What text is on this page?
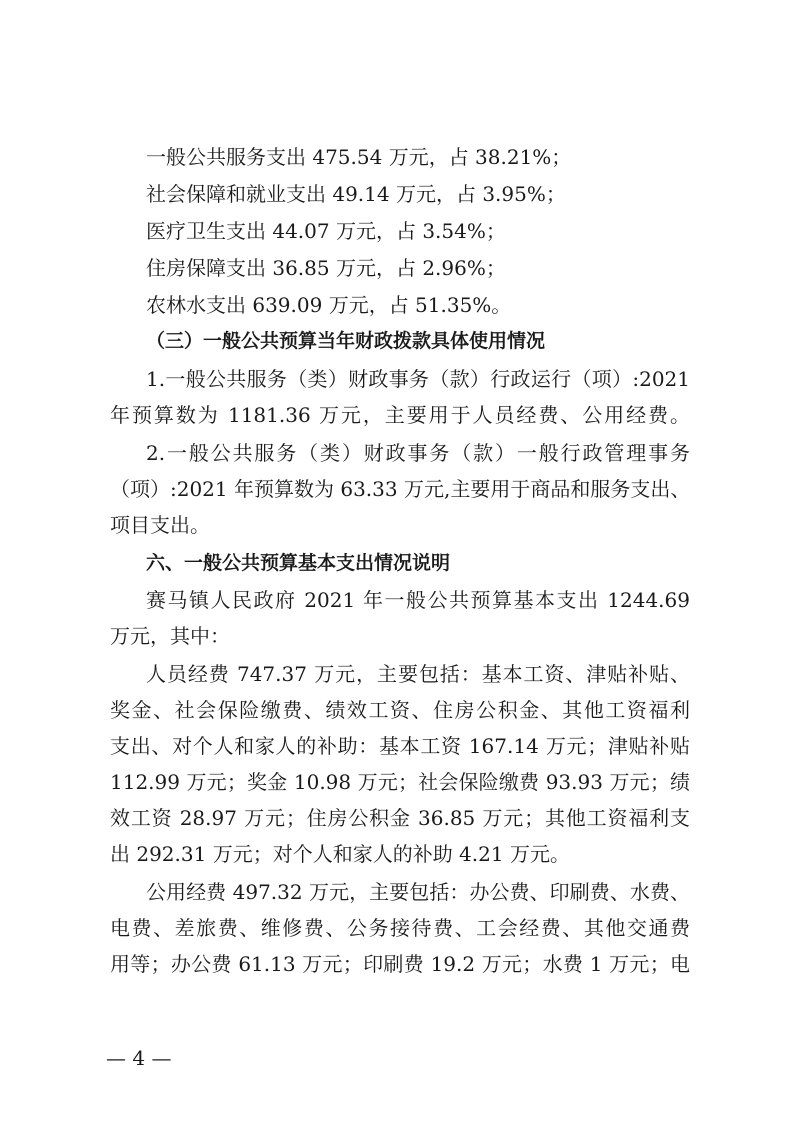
一般公共服务支出 475.54 万元，占 38.21%；
社会保障和就业支出 49.14 万元，占 3.95%；
医疗卫生支出 44.07 万元，占 3.54%；
住房保障支出 36.85 万元，占 2.96%；
农林水支出 639.09 万元，占 51.35%。
（三）一般公共预算当年财政拨款具体使用情况
1.一般公共服务（类）财政事务（款）行政运行（项）:2021
年预算数为 1181.36 万元，主要用于人员经费、公用经费。
2.一般公共服务（类）财政事务（款）一般行政管理事务
（项）:2021 年预算数为 63.33 万元,主要用于商品和服务支出、
项目支出。
六、一般公共预算基本支出情况说明
赛马镇人民政府 2021 年一般公共预算基本支出 1244.69
万元，其中：
人员经费 747.37 万元，主要包括：基本工资、津贴补贴、
奖金、社会保险缴费、绩效工资、住房公积金、其他工资福利
支出、对个人和家人的补助：基本工资 167.14 万元；津贴补贴
112.99 万元；奖金 10.98 万元；社会保险缴费 93.93 万元；绩
效工资 28.97 万元；住房公积金 36.85 万元；其他工资福利支
出 292.31 万元；对个人和家人的补助 4.21 万元。
公用经费 497.32 万元，主要包括：办公费、印刷费、水费、
电费、差旅费、维修费、公务接待费、工会经费、其他交通费
用等；办公费 61.13 万元；印刷费 19.2 万元；水费 1 万元；电
— 4 —
